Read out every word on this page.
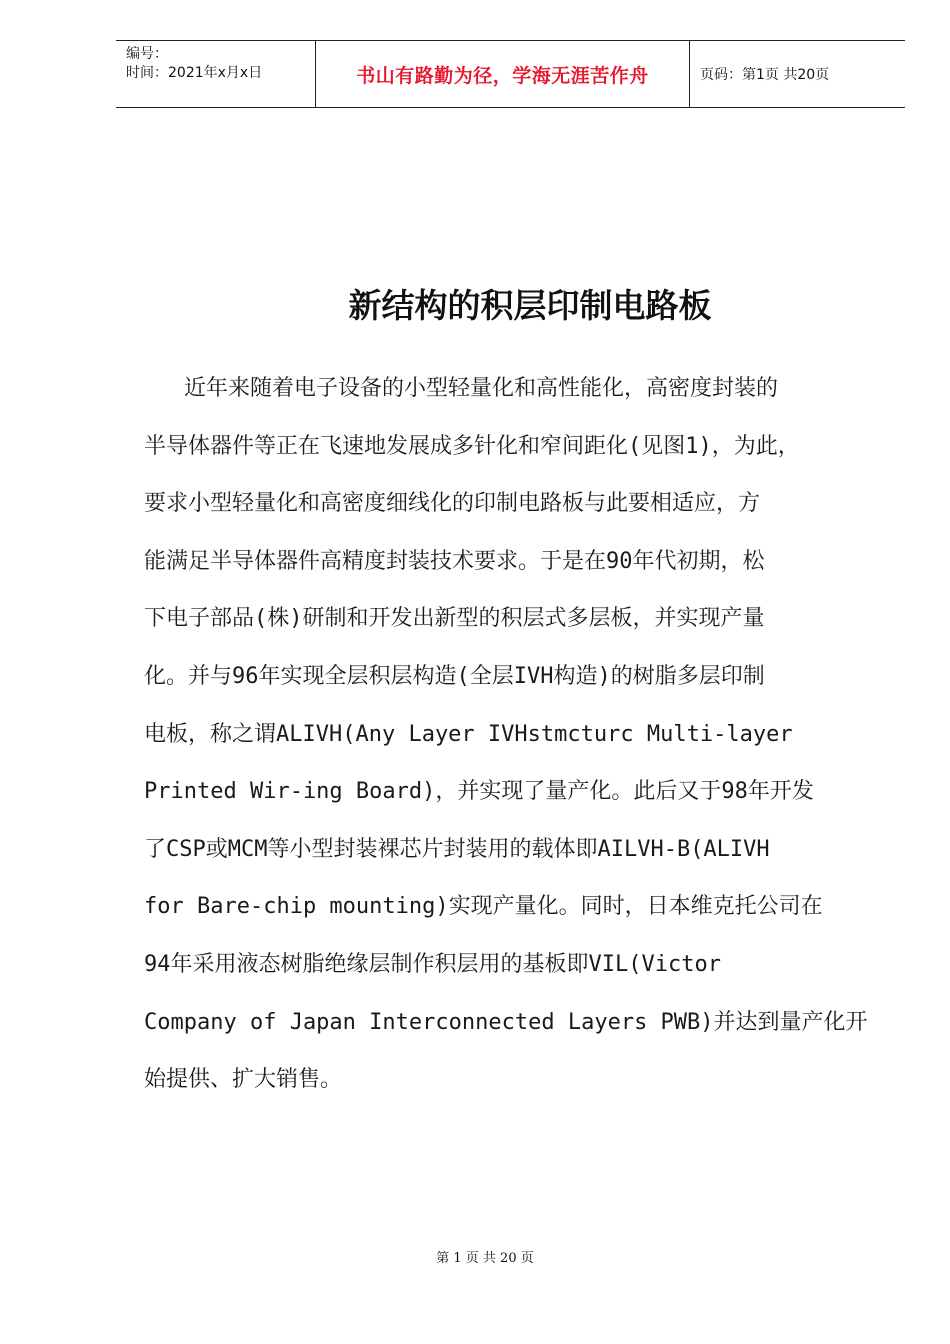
编号：
时间：2021年x月x日	书山有路勤为径，学海无涯苦作舟	页码：第1页 共20页
新结构的积层印制电路板
近年来随着电子设备的小型轻量化和高性能化，高密度封装的
半导体器件等正在飞速地发展成多针化和窄间距化(见图1)，为此，
要求小型轻量化和高密度细线化的印制电路板与此要相适应，方
能满足半导体器件高精度封装技术要求。于是在90年代初期，松
下电子部品(株)研制和开发出新型的积层式多层板，并实现产量
化。并与96年实现全层积层构造(全层IVH构造)的树脂多层印制
电板，称之谓ALIVH(Any Layer IVHstmcturc Multi-layer
Printed Wir-ing Board)，并实现了量产化。此后又于98年开发
了CSP或MCM等小型封装裸芯片封装用的载体即AILVH-B(ALIVH
for Bare-chip mounting)实现产量化。同时，日本维克托公司在
94年采用液态树脂绝缘层制作积层用的基板即VIL(Victor
Company of Japan Interconnected Layers PWB)并达到量产化开
始提供、扩大销售。
第 1 页 共 20 页
